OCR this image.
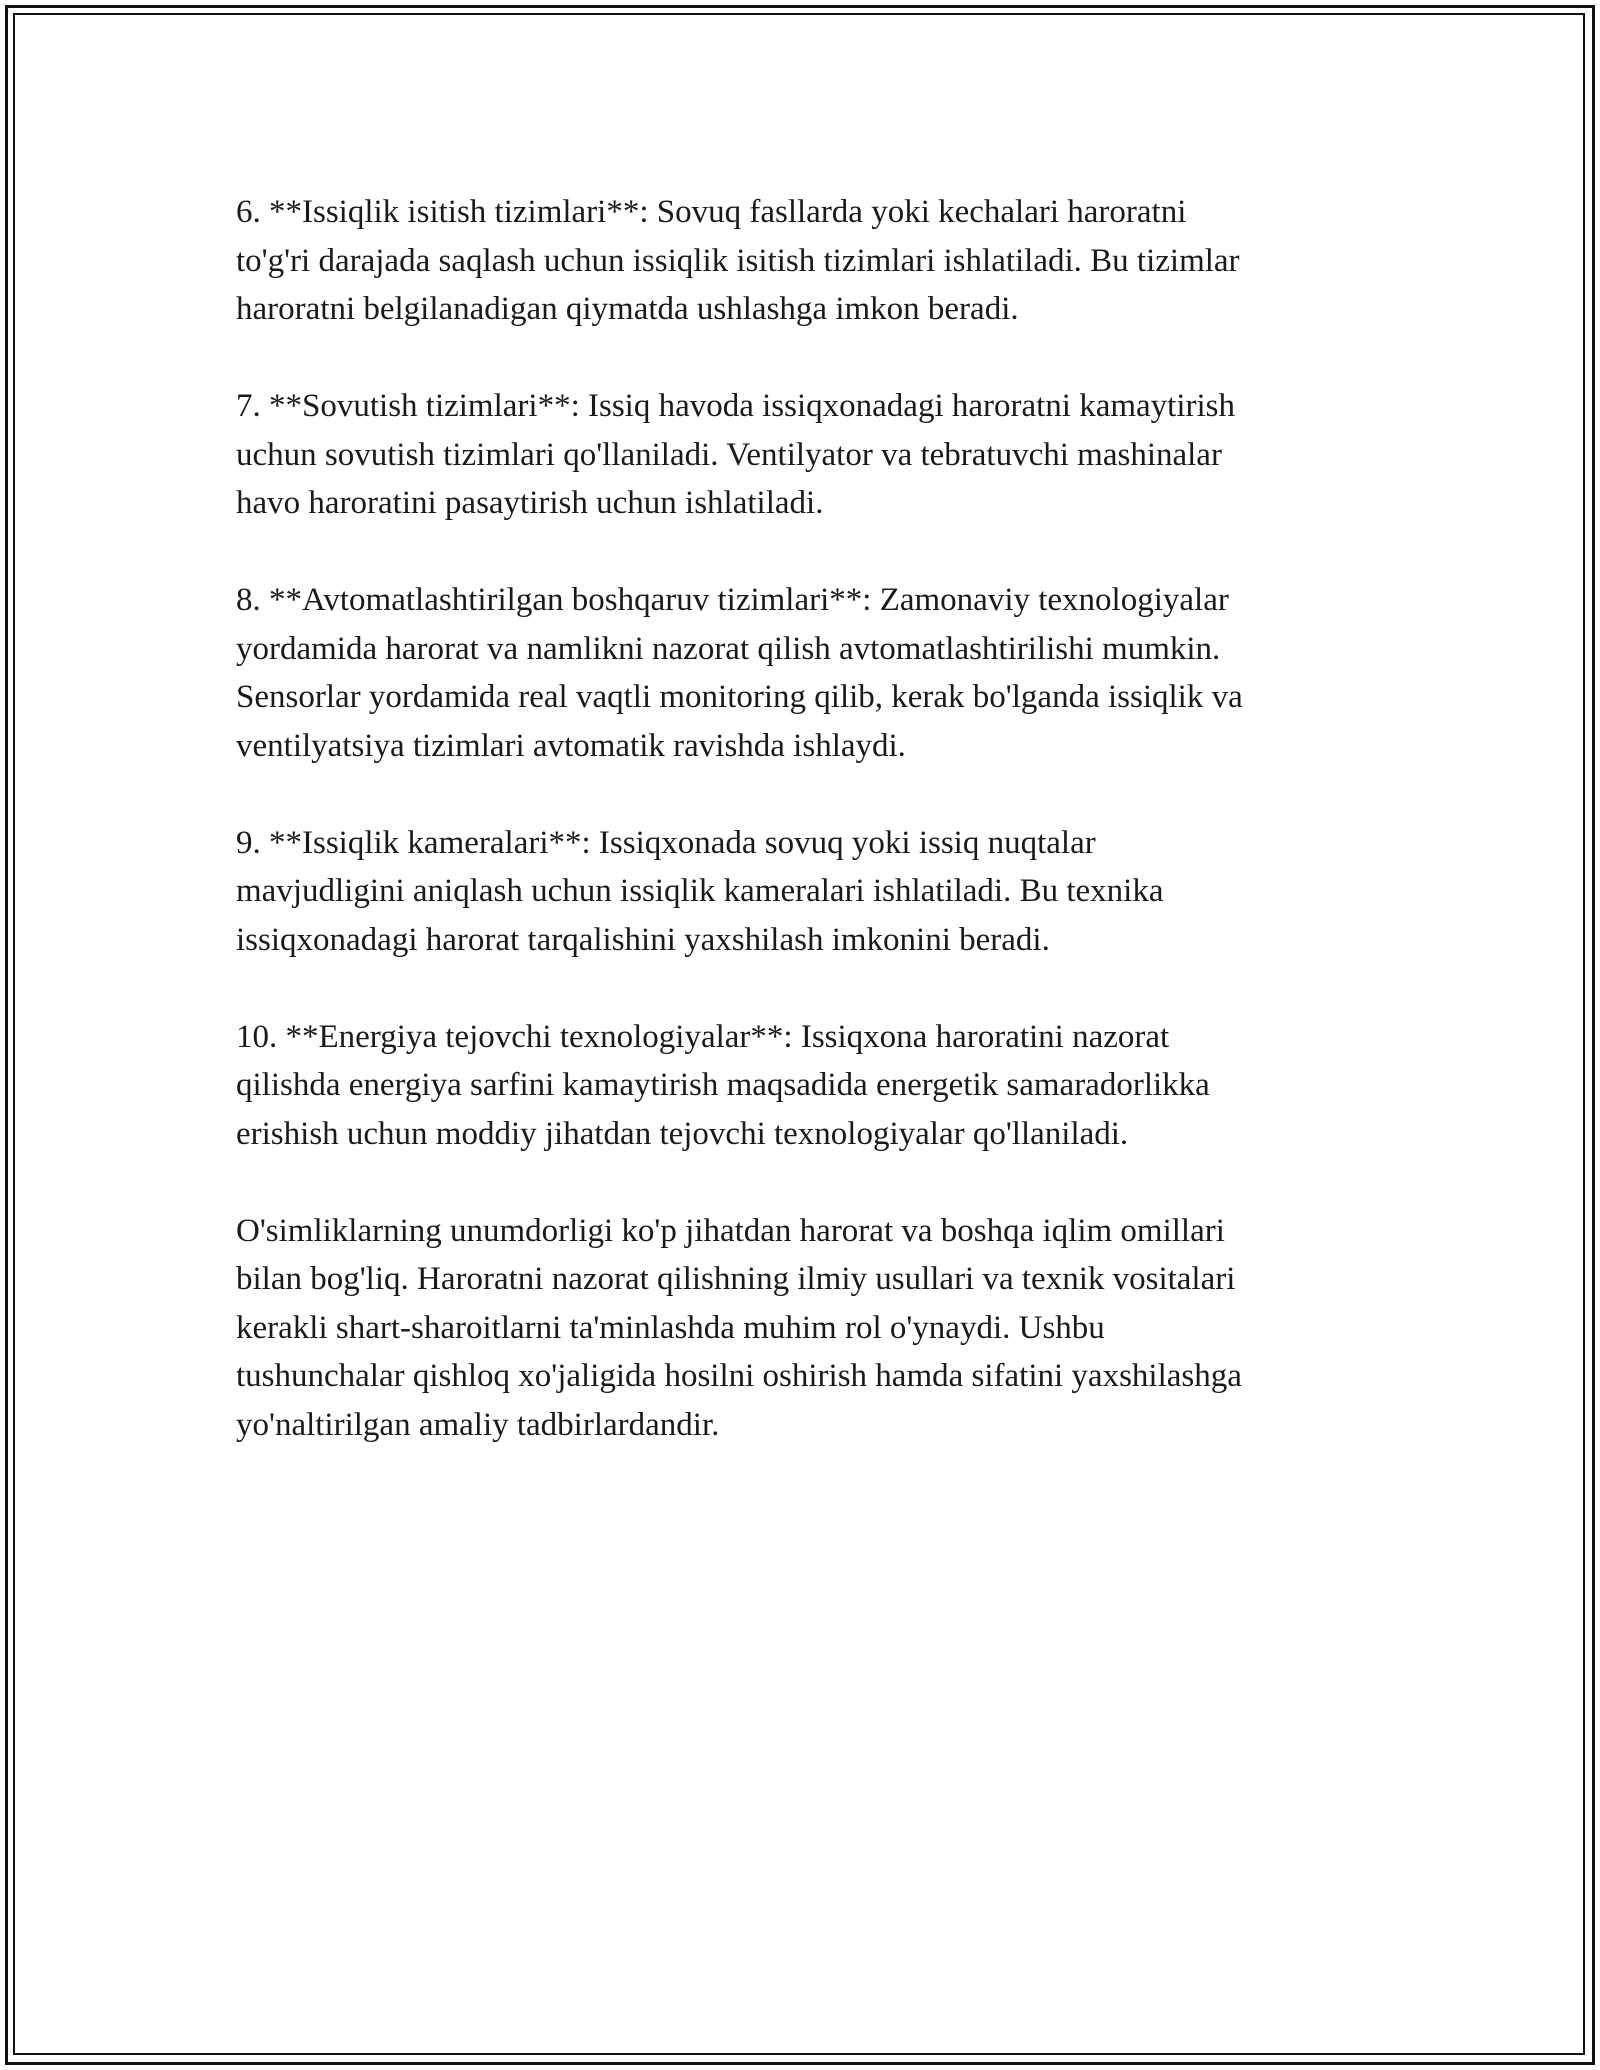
6. **Issiqlik isitish tizimlari**: Sovuq fasllarda yoki kechalari haroratni
to'g'ri darajada saqlash uchun issiqlik isitish tizimlari ishlatiladi. Bu tizimlar
haroratni belgilanadigan qiymatda ushlashga imkon beradi.

7. **Sovutish tizimlari**: Issiq havoda issiqxonadagi haroratni kamaytirish
uchun sovutish tizimlari qo'llaniladi. Ventilyator va tebratuvchi mashinalar
havo haroratini pasaytirish uchun ishlatiladi.

8. **Avtomatlashtirilgan boshqaruv tizimlari**: Zamonaviy texnologiyalar
yordamida harorat va namlikni nazorat qilish avtomatlashtirilishi mumkin.
Sensorlar yordamida real vaqtli monitoring qilib, kerak bo'lganda issiqlik va
ventilyatsiya tizimlari avtomatik ravishda ishlaydi.

9. **Issiqlik kameralari**: Issiqxonada sovuq yoki issiq nuqtalar
mavjudligini aniqlash uchun issiqlik kameralari ishlatiladi. Bu texnika
issiqxonadagi harorat tarqalishini yaxshilash imkonini beradi.

10. **Energiya tejovchi texnologiyalar**: Issiqxona haroratini nazorat
qilishda energiya sarfini kamaytirish maqsadida energetik samaradorlikka
erishish uchun moddiy jihatdan tejovchi texnologiyalar qo'llaniladi.

O'simliklarning unumdorligi ko'p jihatdan harorat va boshqa iqlim omillari
bilan bog'liq. Haroratni nazorat qilishning ilmiy usullari va texnik vositalari
kerakli shart-sharoitlarni ta'minlashda muhim rol o'ynaydi. Ushbu
tushunchalar qishloq xo'jaligida hosilni oshirish hamda sifatini yaxshilashga
yo'naltirilgan amaliy tadbirlardandir.
